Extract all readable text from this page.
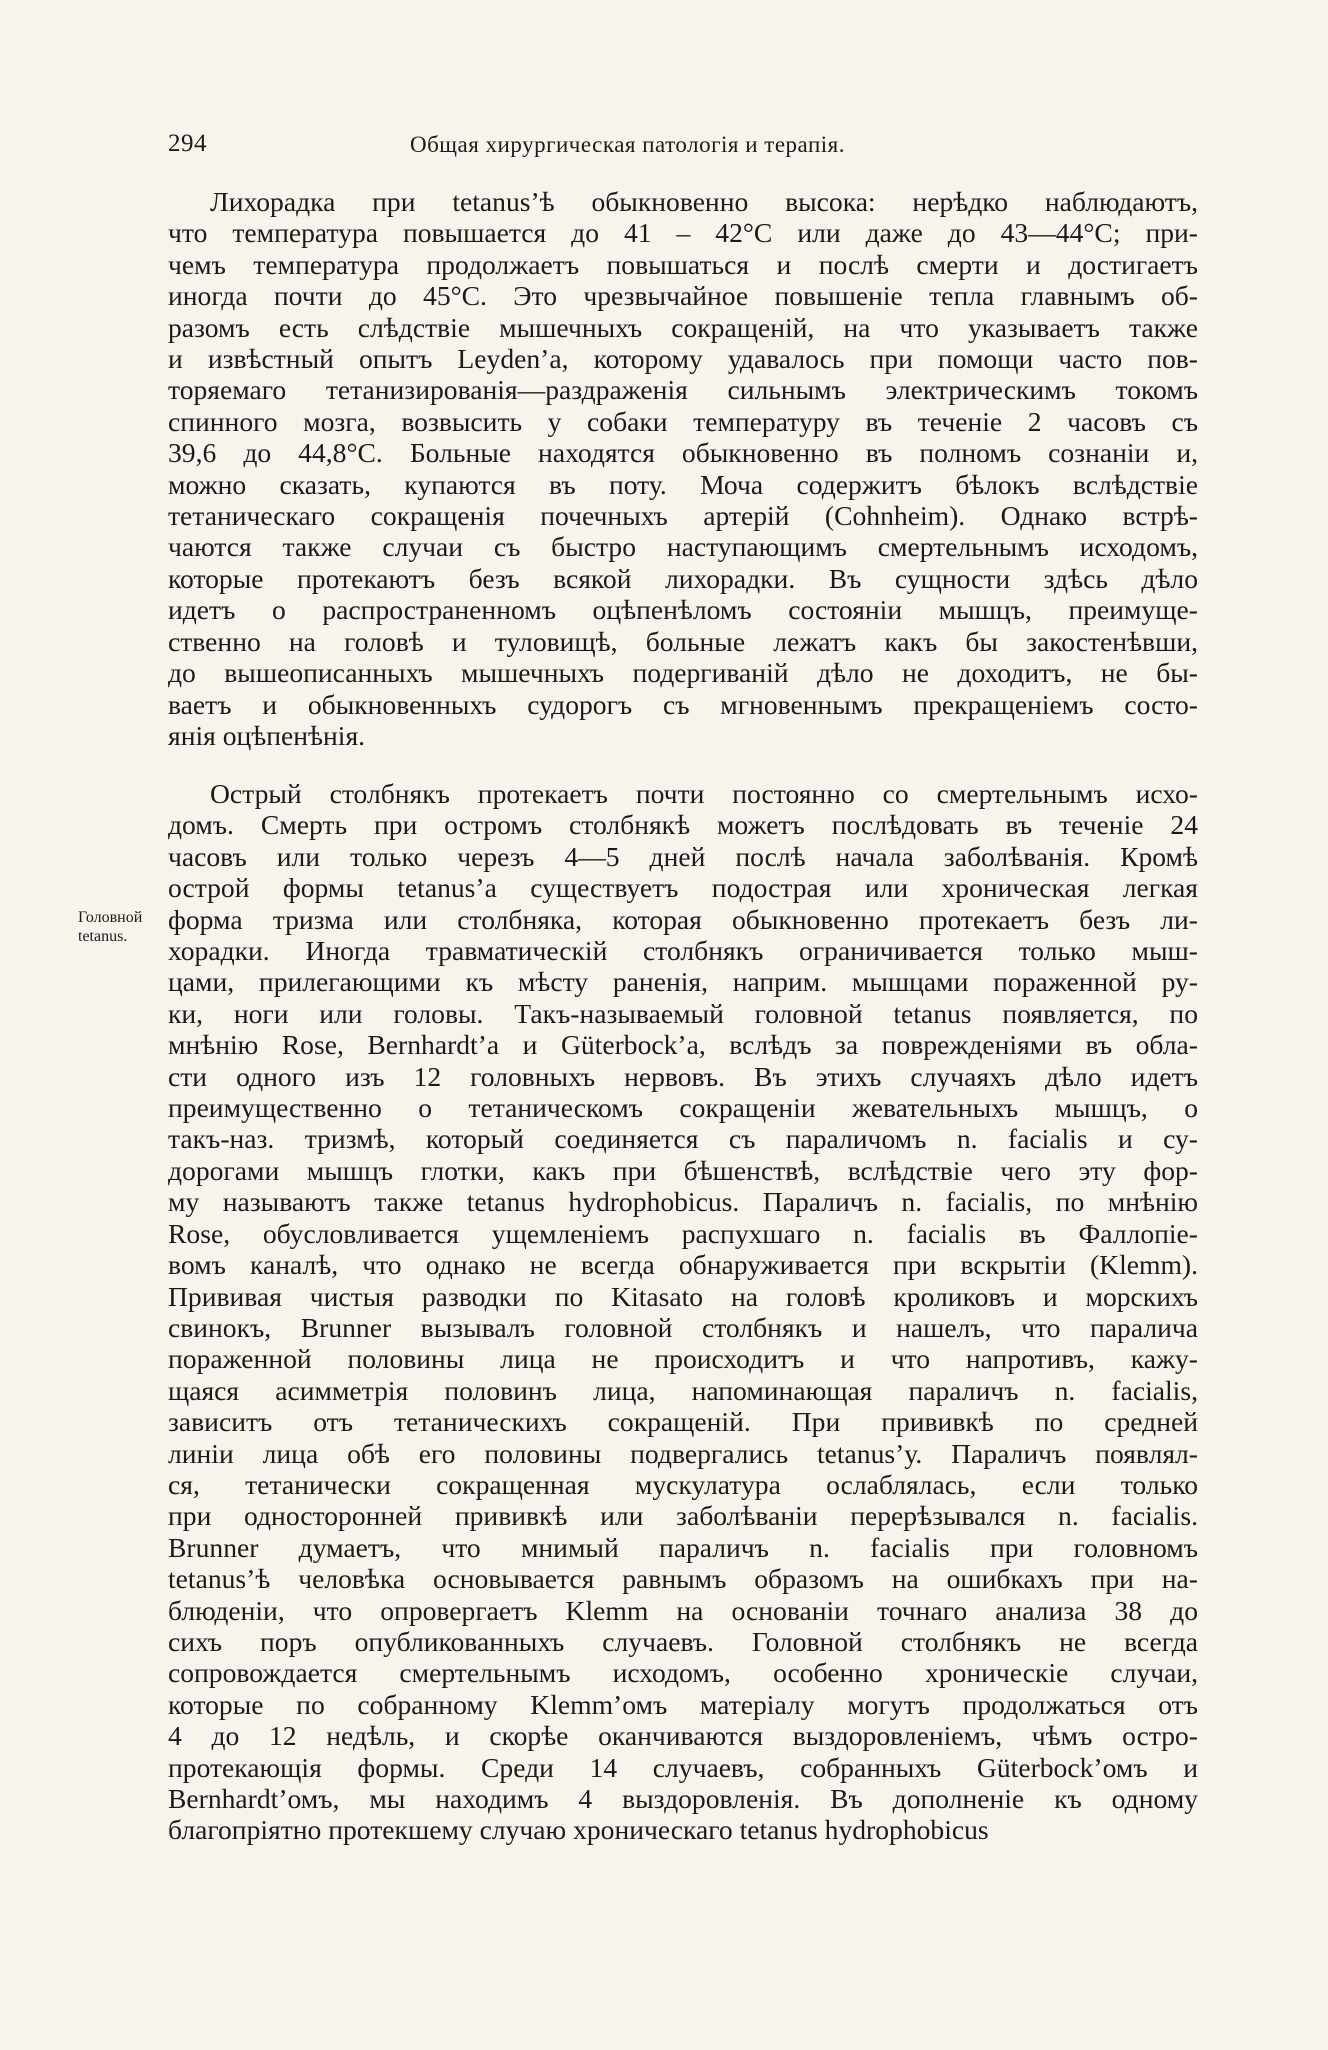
294	Общая хирургическая патологія и терапія.
Лихорадка при tetanus’ѣ обыкновенно высока: нерѣдко наблюдаютъ,
что температура повышается до 41 – 42°С или даже до 43—44°С; при-
чемъ температура продолжаетъ повышаться и послѣ смерти и достигаетъ
иногда почти до 45°С. Это чрезвычайное повышеніе тепла главнымъ об-
разомъ есть слѣдствіе мышечныхъ сокращеній, на что указываетъ также
и извѣстный опытъ Leyden’a, которому удавалось при помощи часто пов-
торяемаго тетанизированія—раздраженія сильнымъ электрическимъ токомъ
спинного мозга, возвысить у собаки температуру въ теченіе 2 часовъ съ
39,6 до 44,8°С. Больные находятся обыкновенно въ полномъ сознаніи и,
можно сказать, купаются въ поту. Моча содержитъ бѣлокъ вслѣдствіе
тетаническаго сокращенія почечныхъ артерій (Cohnheim). Однако встрѣ-
чаются также случаи съ быстро наступающимъ смертельнымъ исходомъ,
которые протекаютъ безъ всякой лихорадки. Въ сущности здѣсь дѣло
идетъ о распространенномъ оцѣпенѣломъ состояніи мышцъ, преимуще-
ственно на головѣ и туловищѣ, больные лежатъ какъ бы закостенѣвши,
до вышеописанныхъ мышечныхъ подергиваній дѣло не доходитъ, не бы-
ваетъ и обыкновенныхъ судорогъ съ мгновеннымъ прекращеніемъ состо-
янія оцѣпенѣнія.
Головной
tetanus.
Острый столбнякъ протекаетъ почти постоянно со смертельнымъ исхо-
домъ. Смерть при остромъ столбнякѣ можетъ послѣдовать въ теченіе 24
часовъ или только черезъ 4—5 дней послѣ начала заболѣванія. Кромѣ
острой формы tetanus’a существуетъ подострая или хроническая легкая
форма тризма или столбняка, которая обыкновенно протекаетъ безъ ли-
хорадки. Иногда травматическій столбнякъ ограничивается только мыш-
цами, прилегающими къ мѣсту раненія, наприм. мышцами пораженной ру-
ки, ноги или головы. Такъ-называемый головной tetanus появляется, по
мнѣнію Rose, Bernhardt’a и Güterbock’a, вслѣдъ за поврежденіями въ обла-
сти одного изъ 12 головныхъ нервовъ. Въ этихъ случаяхъ дѣло идетъ
преимущественно о тетаническомъ сокращеніи жевательныхъ мышцъ, о
такъ-наз. тризмѣ, который соединяется съ параличомъ n. facialis и су-
дорогами мышцъ глотки, какъ при бѣшенствѣ, вслѣдствіе чего эту фор-
му называютъ также tetanus hydrophobicus. Параличъ n. facialis, по мнѣнію
Rose, обусловливается ущемленіемъ распухшаго n. facialis въ Фаллопіе-
вомъ каналѣ, что однако не всегда обнаруживается при вскрытіи (Klemm).
Прививая чистыя разводки по Kitasato на головѣ кроликовъ и морскихъ
свинокъ, Brunner вызывалъ головной столбнякъ и нашелъ, что паралича
пораженной половины лица не происходитъ и что напротивъ, кажу-
щаяся асимметрія половинъ лица, напоминающая параличъ n. facialis,
зависитъ отъ тетаническихъ сокращеній. При прививкѣ по средней
линіи лица обѣ его половины подвергались tetanus’у. Параличъ появлял-
ся, тетанически сокращенная мускулатура ослаблялась, если только
при односторонней прививкѣ или заболѣваніи перерѣзывался n. facialis.
Brunner думаетъ, что мнимый параличъ n. facialis при головномъ
tetanus’ѣ человѣка основывается равнымъ образомъ на ошибкахъ при на-
блюденіи, что опровергаетъ Klemm на основаніи точнаго анализа 38 до
сихъ поръ опубликованныхъ случаевъ. Головной столбнякъ не всегда
сопровождается смертельнымъ исходомъ, особенно хроническіе случаи,
которые по собранному Klemm’омъ матеріалу могутъ продолжаться отъ
4 до 12 недѣль, и скорѣе оканчиваются выздоровленіемъ, чѣмъ остро-
протекающія формы. Среди 14 случаевъ, собранныхъ Güterbock’омъ и
Bernhardt’омъ, мы находимъ 4 выздоровленія. Въ дополненіе къ одному
благопріятно протекшему случаю хроническаго tetanus hydrophobicus
